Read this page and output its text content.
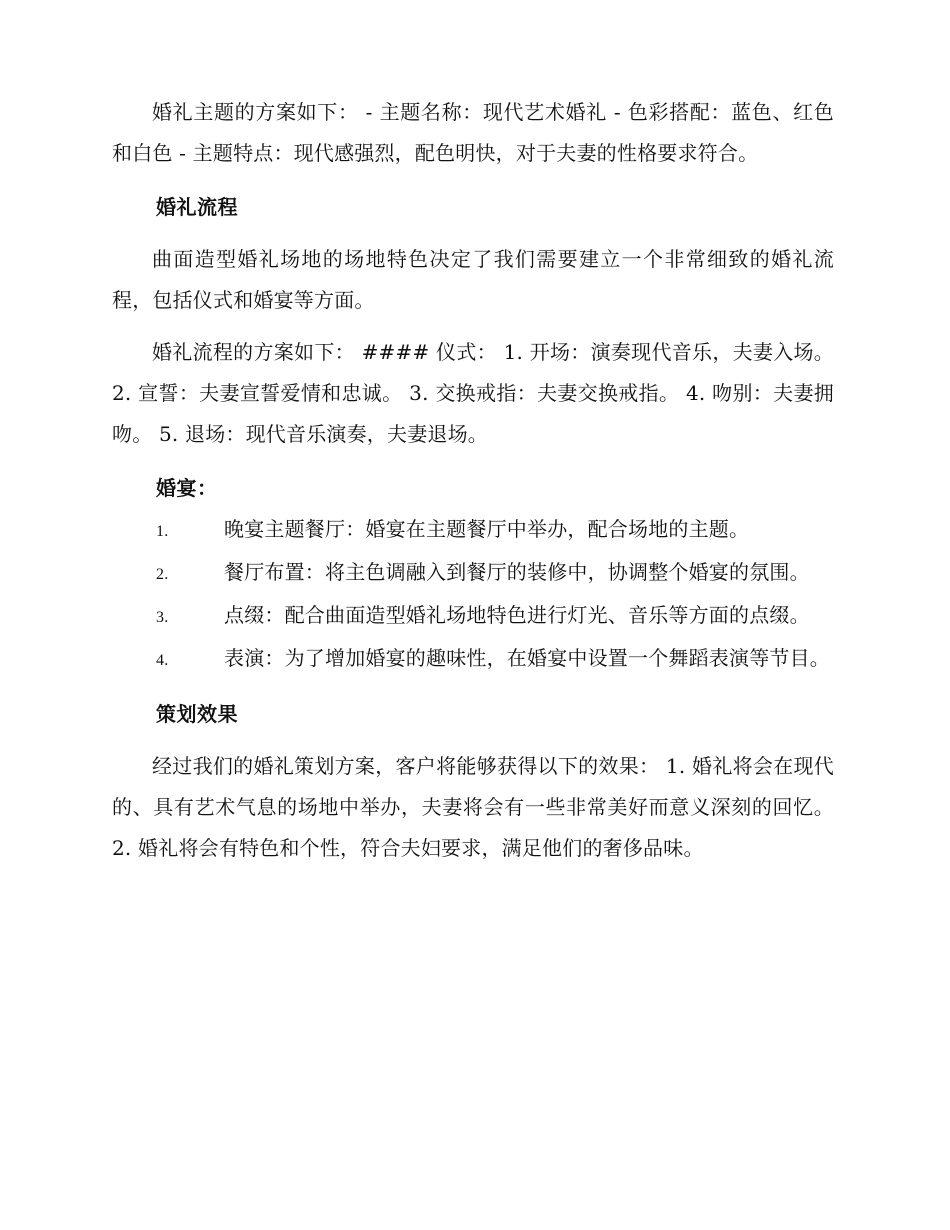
婚礼主题的方案如下： - 主题名称：现代艺术婚礼 - 色彩搭配：蓝色、红色和白色 - 主题特点：现代感强烈，配色明快，对于夫妻的性格要求符合。

婚礼流程

曲面造型婚礼场地的场地特色决定了我们需要建立一个非常细致的婚礼流程，包括仪式和婚宴等方面。

婚礼流程的方案如下： #### 仪式： 1. 开场：演奏现代音乐，夫妻入场。 2. 宣誓：夫妻宣誓爱情和忠诚。 3. 交换戒指：夫妻交换戒指。 4. 吻别：夫妻拥吻。 5. 退场：现代音乐演奏，夫妻退场。

婚宴：
1.	晚宴主题餐厅：婚宴在主题餐厅中举办，配合场地的主题。
2.	餐厅布置：将主色调融入到餐厅的装修中，协调整个婚宴的氛围。
3.	点缀：配合曲面造型婚礼场地特色进行灯光、音乐等方面的点缀。
4.	表演：为了增加婚宴的趣味性，在婚宴中设置一个舞蹈表演等节目。
策划效果

经过我们的婚礼策划方案，客户将能够获得以下的效果： 1. 婚礼将会在现代的、具有艺术气息的场地中举办，夫妻将会有一些非常美好而意义深刻的回忆。 2. 婚礼将会有特色和个性，符合夫妇要求，满足他们的奢侈品味。
